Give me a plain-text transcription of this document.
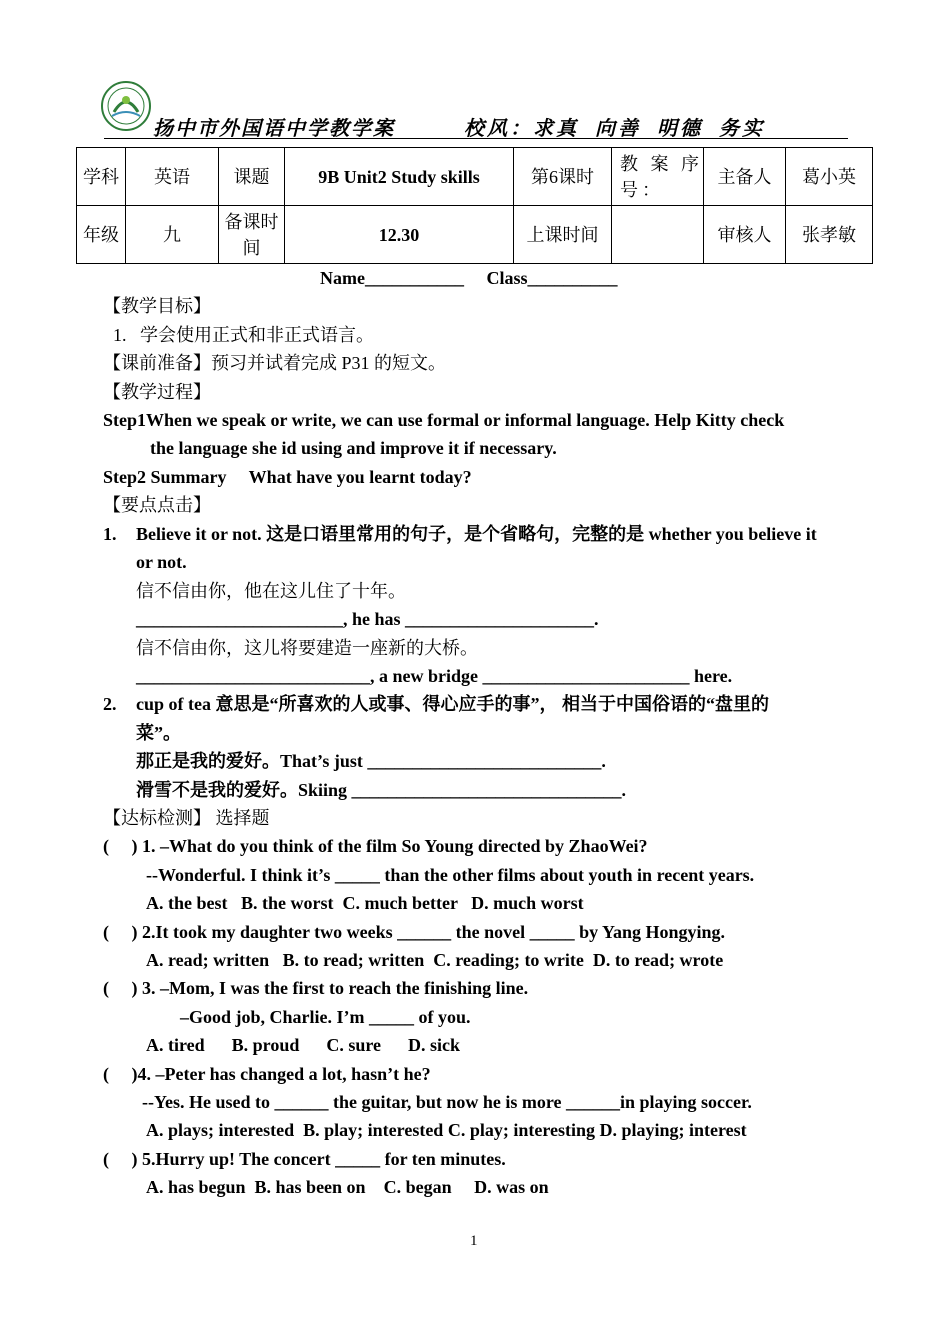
扬中市外国语中学教学案	校风：求真  向善  明德  务实
学科	英语	课题	9B Unit2 Study skills	第6课时	教 案 序号：	主备人	葛小英
年级	九	备课时间	12.30	上课时间		审核人	张孝敏
Name___________     Class__________
【教学目标】
1.   学会使用正式和非正式语言。
【课前准备】预习并试着完成 P31 的短文。
【教学过程】
Step1When we speak or write, we can use formal or informal language. Help Kitty check
the language she id using and improve it if necessary.
Step2 Summary     What have you learnt today?
【要点点击】
1. Believe it or not. 这是口语里常用的句子，是个省略句，完整的是 whether you believe it
or not.
信不信由你，他在这儿住了十年。
_______________________, he has _____________________.
信不信由你，这儿将要建造一座新的大桥。
__________________________, a new bridge _______________________ here.
2. cup of tea 意思是“所喜欢的人或事、得心应手的事”， 相当于中国俗语的“盘里的
菜”。
那正是我的爱好。That’s just __________________________.
滑雪不是我的爱好。Skiing ______________________________.
【达标检测】 选择题
(     ) 1. –What do you think of the film So Young directed by ZhaoWei?
--Wonderful. I think it’s _____ than the other films about youth in recent years.
A. the best   B. the worst  C. much better   D. much worst
(     ) 2.It took my daughter two weeks ______ the novel _____ by Yang Hongying.
A. read; written   B. to read; written  C. reading; to write  D. to read; wrote
(     ) 3. –Mom, I was the first to reach the finishing line.
–Good job, Charlie. I’m _____ of you.
A. tired      B. proud      C. sure      D. sick
(     )4. –Peter has changed a lot, hasn’t he?
--Yes. He used to ______ the guitar, but now he is more ______in playing soccer.
A. plays; interested  B. play; interested C. play; interesting D. playing; interest
(     ) 5.Hurry up! The concert _____ for ten minutes.
A. has begun  B. has been on    C. began     D. was on
1
